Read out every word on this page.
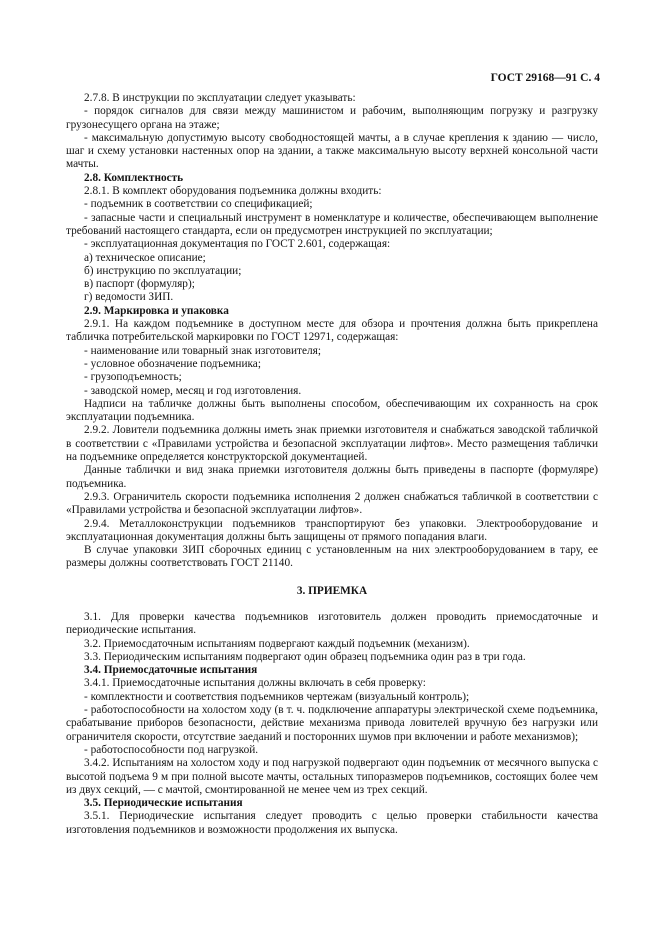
ГОСТ 29168—91 С. 4

2.7.8. В инструкции по эксплуатации следует указывать:

- порядок сигналов для связи между машинистом и рабочим, выполняющим погрузку и разгрузку грузонесущего органа на этаже;

- максимальную допустимую высоту свободностоящей мачты, а в случае крепления к зданию — число, шаг и схему установки настенных опор на здании, а также максимальную высоту верхней консольной части мачты.

2.8. Комплектность

2.8.1. В комплект оборудования подъемника должны входить:

- подъемник в соответствии со спецификацией;

- запасные части и специальный инструмент в номенклатуре и количестве, обеспечивающем выполнение требований настоящего стандарта, если он предусмотрен инструкцией по эксплуатации;

- эксплуатационная документация по ГОСТ 2.601, содержащая:

а) техническое описание;

б) инструкцию по эксплуатации;

в) паспорт (формуляр);

г) ведомости ЗИП.

2.9. Маркировка и упаковка

2.9.1. На каждом подъемнике в доступном месте для обзора и прочтения должна быть прикреплена табличка потребительской маркировки по ГОСТ 12971, содержащая:

- наименование или товарный знак изготовителя;

- условное обозначение подъемника;

- грузоподъемность;

- заводской номер, месяц и год изготовления.

Надписи на табличке должны быть выполнены способом, обеспечивающим их сохранность на срок эксплуатации подъемника.

2.9.2. Ловители подъемника должны иметь знак приемки изготовителя и снабжаться заводской табличкой в соответствии с «Правилами устройства и безопасной эксплуатации лифтов». Место размещения таблички на подъемнике определяется конструкторской документацией.

Данные таблички и вид знака приемки изготовителя должны быть приведены в паспорте (формуляре) подъемника.

2.9.3. Ограничитель скорости подъемника исполнения 2 должен снабжаться табличкой в соответствии с «Правилами устройства и безопасной эксплуатации лифтов».

2.9.4. Металлоконструкции подъемников транспортируют без упаковки. Электрооборудование и эксплуатационная документация должны быть защищены от прямого попадания влаги.

В случае упаковки ЗИП сборочных единиц с установленным на них электрооборудованием в тару, ее размеры должны соответствовать ГОСТ 21140.

3. ПРИЕМКА

3.1. Для проверки качества подъемников изготовитель должен проводить приемосдаточные и периодические испытания.

3.2. Приемосдаточным испытаниям подвергают каждый подъемник (механизм).

3.3. Периодическим испытаниям подвергают один образец подъемника один раз в три года.

3.4. Приемосдаточные испытания

3.4.1. Приемосдаточные испытания должны включать в себя проверку:

- комплектности и соответствия подъемников чертежам (визуальный контроль);

- работоспособности на холостом ходу (в т. ч. подключение аппаратуры электрической схеме подъемника, срабатывание приборов безопасности, действие механизма привода ловителей вручную без нагрузки или ограничителя скорости, отсутствие заеданий и посторонних шумов при включении и работе механизмов);

- работоспособности под нагрузкой.

3.4.2. Испытаниям на холостом ходу и под нагрузкой подвергают один подъемник от месячного выпуска с высотой подъема 9 м при полной высоте мачты, остальных типоразмеров подъемников, состоящих более чем из двух секций, — с мачтой, смонтированной не менее чем из трех секций.

3.5. Периодические испытания

3.5.1. Периодические испытания следует проводить с целью проверки стабильности качества изготовления подъемников и возможности продолжения их выпуска.
